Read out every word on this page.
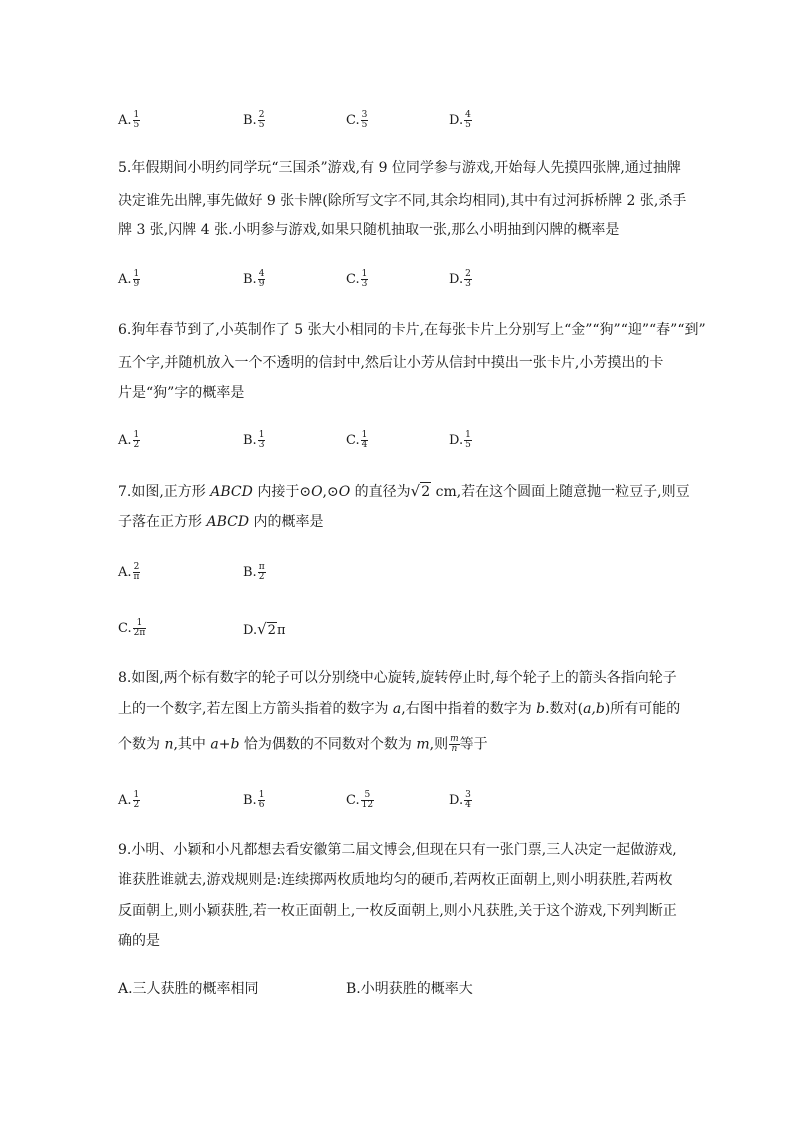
A. $\frac{1}{5}$	B. $\frac{2}{5}$	C. $\frac{3}{5}$	D. $\frac{4}{5}$
5.年假期间小明约同学玩“三国杀”游戏,有 9 位同学参与游戏,开始每人先摸四张牌,通过抽牌
决定谁先出牌,事先做好 9 张卡牌(除所写文字不同,其余均相同),其中有过河拆桥牌 2 张,杀手
牌 3 张,闪牌 4 张.小明参与游戏,如果只随机抽取一张,那么小明抽到闪牌的概率是
A. $\frac{1}{9}$	B. $\frac{4}{9}$	C. $\frac{1}{3}$	D. $\frac{2}{3}$
6.狗年春节到了,小英制作了 5 张大小相同的卡片,在每张卡片上分别写上“金”“狗”“迎”“春”“到”
五个字,并随机放入一个不透明的信封中,然后让小芳从信封中摸出一张卡片,小芳摸出的卡
片是“狗”字的概率是
A. $\frac{1}{2}$	B. $\frac{1}{3}$	C. $\frac{1}{4}$	D. $\frac{1}{5}$
7.如图,正方形 ABCD 内接于⊙O,⊙O 的直径为√2 cm,若在这个圆面上随意抛一粒豆子,则豆
子落在正方形 ABCD 内的概率是
A. $\frac{2}{\pi}$	B. $\frac{\pi}{2}$
C. $\frac{1}{2\pi}$	D.√2π
8.如图,两个标有数字的轮子可以分别绕中心旋转,旋转停止时,每个轮子上的箭头各指向轮子
上的一个数字,若左图上方箭头指着的数字为 a,右图中指着的数字为 b.数对(a,b)所有可能的
个数为 n,其中 a+b 恰为偶数的不同数对个数为 m,则 $\frac{m}{n}$ 等于
A. $\frac{1}{2}$	B. $\frac{1}{6}$	C. $\frac{5}{12}$	D. $\frac{3}{4}$
9.小明、小颖和小凡都想去看安徽第二届文博会,但现在只有一张门票,三人决定一起做游戏,
谁获胜谁就去,游戏规则是:连续掷两枚质地均匀的硬币,若两枚正面朝上,则小明获胜,若两枚
反面朝上,则小颖获胜,若一枚正面朝上,一枚反面朝上,则小凡获胜,关于这个游戏,下列判断正
确的是
A.三人获胜的概率相同	B.小明获胜的概率大
